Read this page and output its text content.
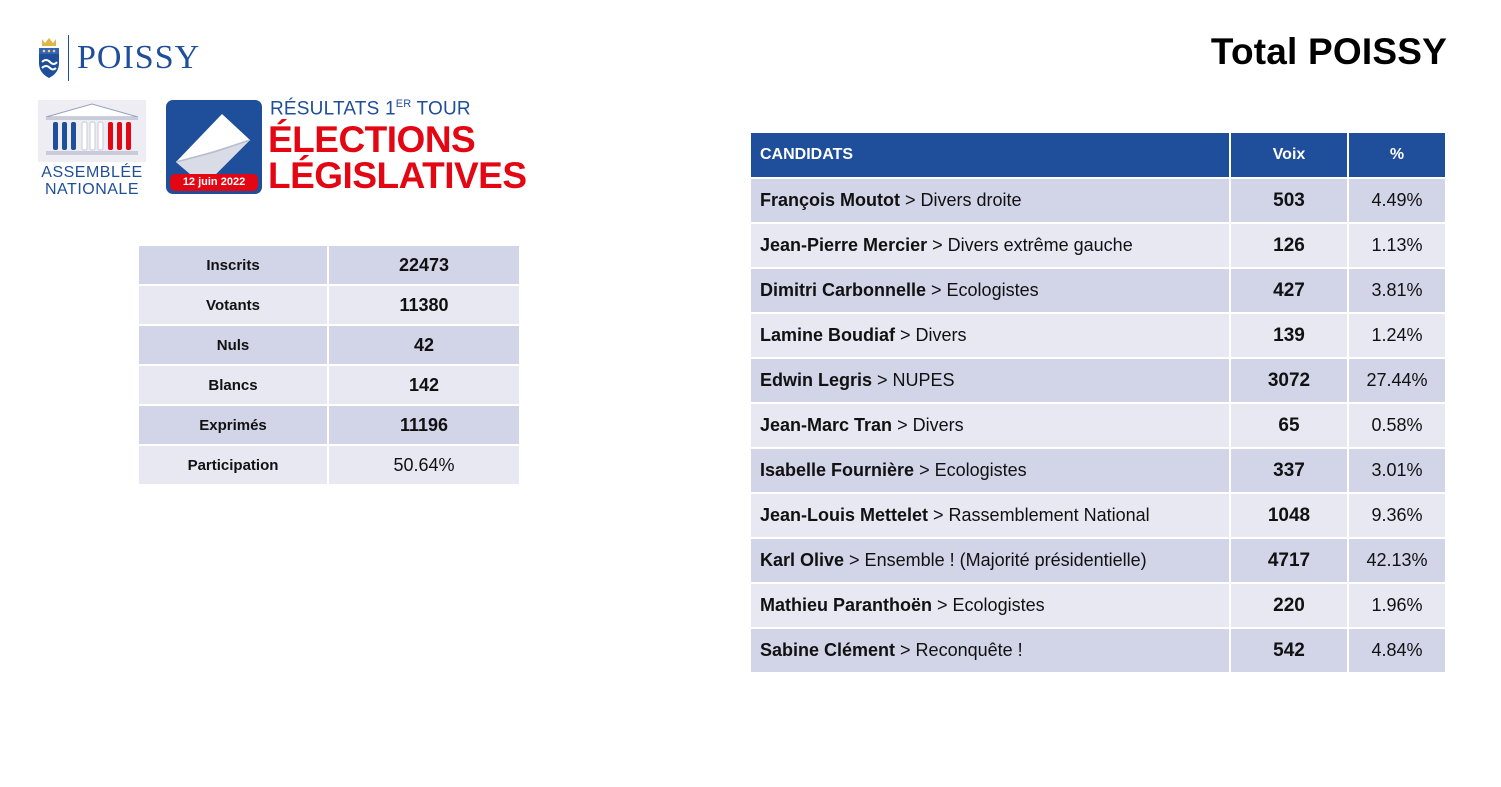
POISSY
ASSEMBLÉE
NATIONALE	12 juin 2022
RÉSULTATS 1ER TOUR
ÉLECTIONS
LÉGISLATIVES
Total POISSY
Inscrits	22473
Votants	11380
Nuls	42
Blancs	142
Exprimés	11196
Participation	50.64%
CANDIDATS	Voix	%
François Moutot > Divers droite	503	4.49%
Jean-Pierre Mercier > Divers extrême gauche	126	1.13%
Dimitri Carbonnelle > Ecologistes	427	3.81%
Lamine Boudiaf > Divers	139	1.24%
Edwin Legris > NUPES	3072	27.44%
Jean-Marc Tran > Divers	65	0.58%
Isabelle Fournière > Ecologistes	337	3.01%
Jean-Louis Mettelet > Rassemblement National	1048	9.36%
Karl Olive > Ensemble ! (Majorité présidentielle)	4717	42.13%
Mathieu Paranthoën > Ecologistes	220	1.96%
Sabine Clément > Reconquête !	542	4.84%
